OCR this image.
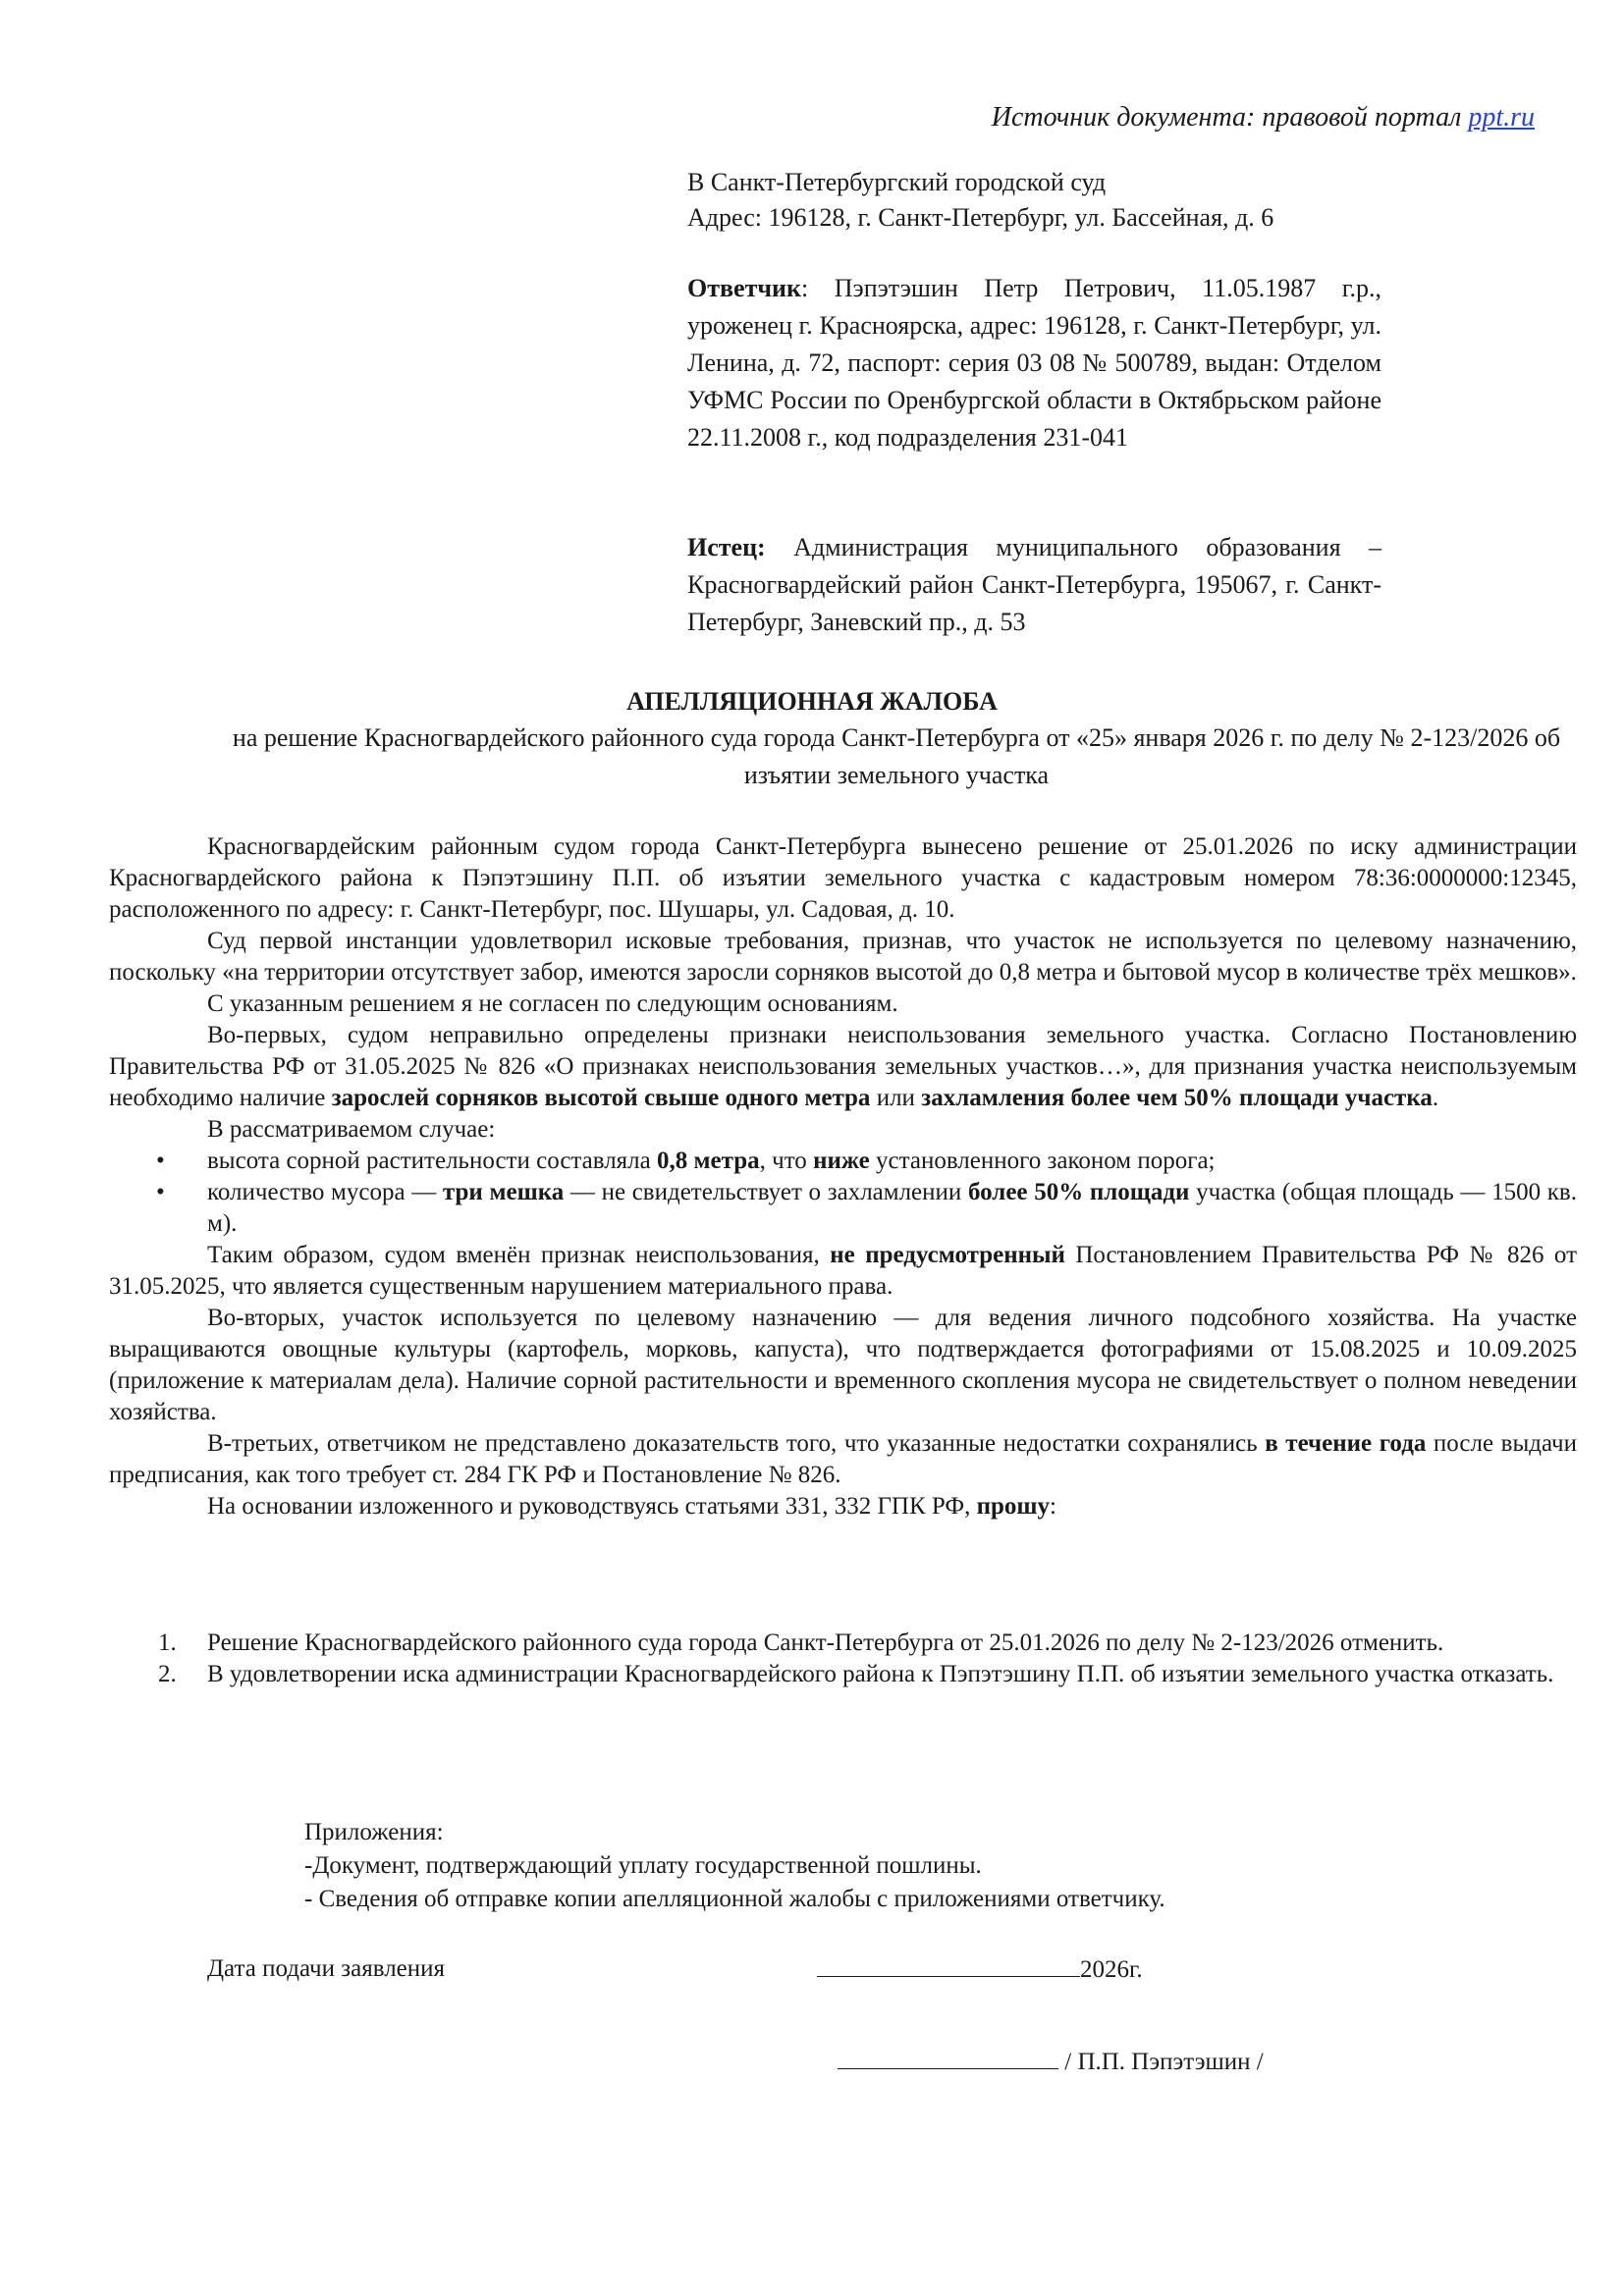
Источник документа: правовой портал ppt.ru
В Санкт-Петербургский городской суд
Адрес: 196128, г. Санкт-Петербург, ул. Бассейная, д. 6
Ответчик: Пэпэтэшин Петр Петрович, 11.05.1987 г.р., уроженец г. Красноярска, адрес: 196128, г. Санкт-Петербург, ул. Ленина, д. 72, паспорт: серия 03 08 № 500789, выдан: Отделом УФМС России по Оренбургской области в Октябрьском районе 22.11.2008 г., код подразделения 231-041
Истец: Администрация муниципального образования – Красногвардейский район Санкт-Петербурга, 195067, г. Санкт-Петербург, Заневский пр., д. 53
АПЕЛЛЯЦИОННАЯ ЖАЛОБА
на решение Красногвардейского районного суда города Санкт-Петербурга от «25» января 2026 г. по делу № 2-123/2026 об изъятии земельного участка

Красногвардейским районным судом города Санкт-Петербурга вынесено решение от 25.01.2026 по иску администрации Красногвардейского района к Пэпэтэшину П.П. об изъятии земельного участка с кадастровым номером 78:36:0000000:12345, расположенного по адресу: г. Санкт-Петербург, пос. Шушары, ул. Садовая, д. 10.

Суд первой инстанции удовлетворил исковые требования, признав, что участок не используется по целевому назначению, поскольку «на территории отсутствует забор, имеются заросли сорняков высотой до 0,8 метра и бытовой мусор в количестве трёх мешков».

С указанным решением я не согласен по следующим основаниям.

Во-первых, судом неправильно определены признаки неиспользования земельного участка. Согласно Постановлению Правительства РФ от 31.05.2025 № 826 «О признаках неиспользования земельных участков…», для признания участка неиспользуемым необходимо наличие зарослей сорняков высотой свыше одного метра или захламления более чем 50% площади участка.

В рассматриваемом случае:

• высота сорной растительности составляла 0,8 метра, что ниже установленного законом порога;
• количество мусора — три мешка — не свидетельствует о захламлении более 50% площади участка (общая площадь — 1500 кв. м).

Таким образом, судом вменён признак неиспользования, не предусмотренный Постановлением Правительства РФ № 826 от 31.05.2025, что является существенным нарушением материального права.

Во-вторых, участок используется по целевому назначению — для ведения личного подсобного хозяйства. На участке выращиваются овощные культуры (картофель, морковь, капуста), что подтверждается фотографиями от 15.08.2025 и 10.09.2025 (приложение к материалам дела). Наличие сорной растительности и временного скопления мусора не свидетельствует о полном неведении хозяйства.

В-третьих, ответчиком не представлено доказательств того, что указанные недостатки сохранялись в течение года после выдачи предписания, как того требует ст. 284 ГК РФ и Постановление № 826.

На основании изложенного и руководствуясь статьями 331, 332 ГПК РФ, прошу:

1. Решение Красногвардейского районного суда города Санкт-Петербурга от 25.01.2026 по делу № 2-123/2026 отменить.
2. В удовлетворении иска администрации Красногвардейского района к Пэпэтэшину П.П. об изъятии земельного участка отказать.
Приложения:
-Документ, подтверждающий уплату государственной пошлины.
- Сведения об отправке копии апелляционной жалобы с приложениями ответчику.
Дата подачи заявления	2026г.
/ П.П. Пэпэтэшин /
